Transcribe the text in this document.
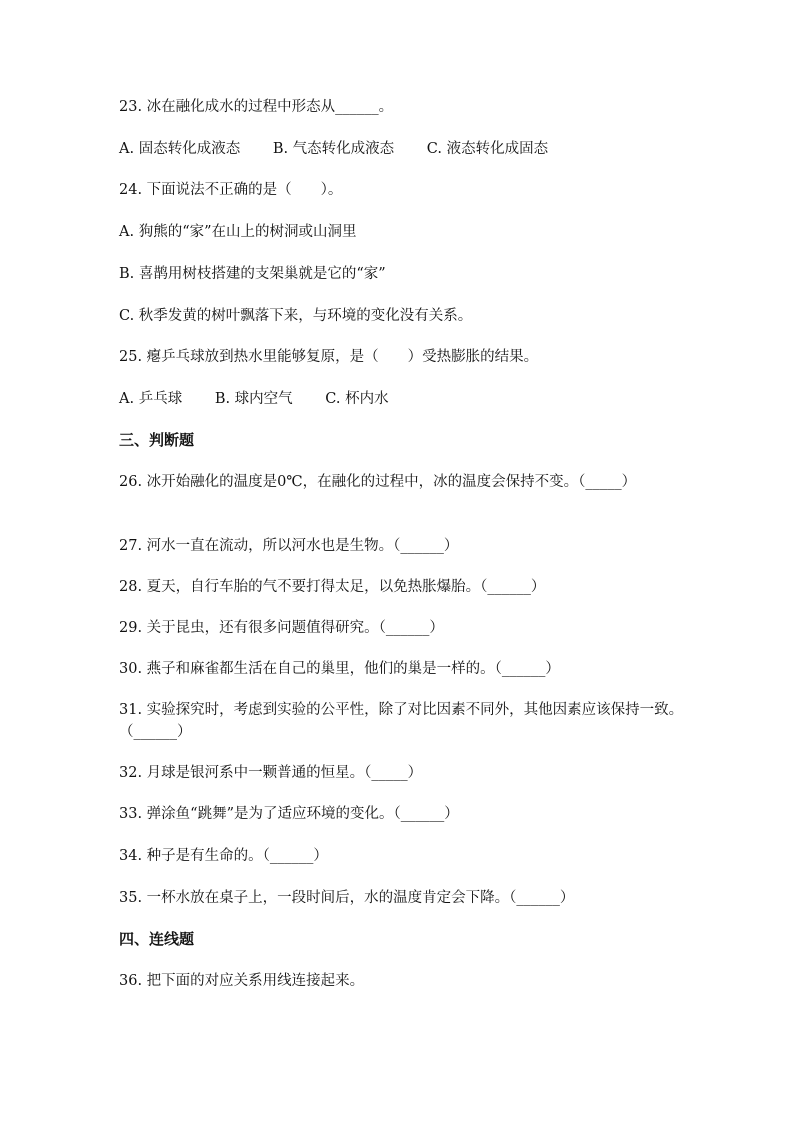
23. 冰在融化成水的过程中形态从______。
A. 固态转化成液态 B. 气态转化成液态 C. 液态转化成固态
24. 下面说法不正确的是（　　）。
A. 狗熊的“家”在山上的树洞或山洞里
B. 喜鹊用树枝搭建的支架巢就是它的“家”
C. 秋季发黄的树叶飘落下来，与环境的变化没有关系。
25. 瘪乒乓球放到热水里能够复原，是（　　）受热膨胀的结果。
A. 乒乓球 B. 球内空气 C. 杯内水
三、判断题
26. 冰开始融化的温度是0℃，在融化的过程中，冰的温度会保持不变。（_____）
27. 河水一直在流动，所以河水也是生物。（______）
28. 夏天，自行车胎的气不要打得太足，以免热胀爆胎。（______）
29. 关于昆虫，还有很多问题值得研究。（______）
30. 燕子和麻雀都生活在自己的巢里，他们的巢是一样的。（______）
31. 实验探究时，考虑到实验的公平性，除了对比因素不同外，其他因素应该保持一致。（______）
32. 月球是银河系中一颗普通的恒星。（_____）
33. 弹涂鱼“跳舞”是为了适应环境的变化。（______）
34. 种子是有生命的。（______）
35. 一杯水放在桌子上，一段时间后，水的温度肯定会下降。（______）
四、连线题
36. 把下面的对应关系用线连接起来。
